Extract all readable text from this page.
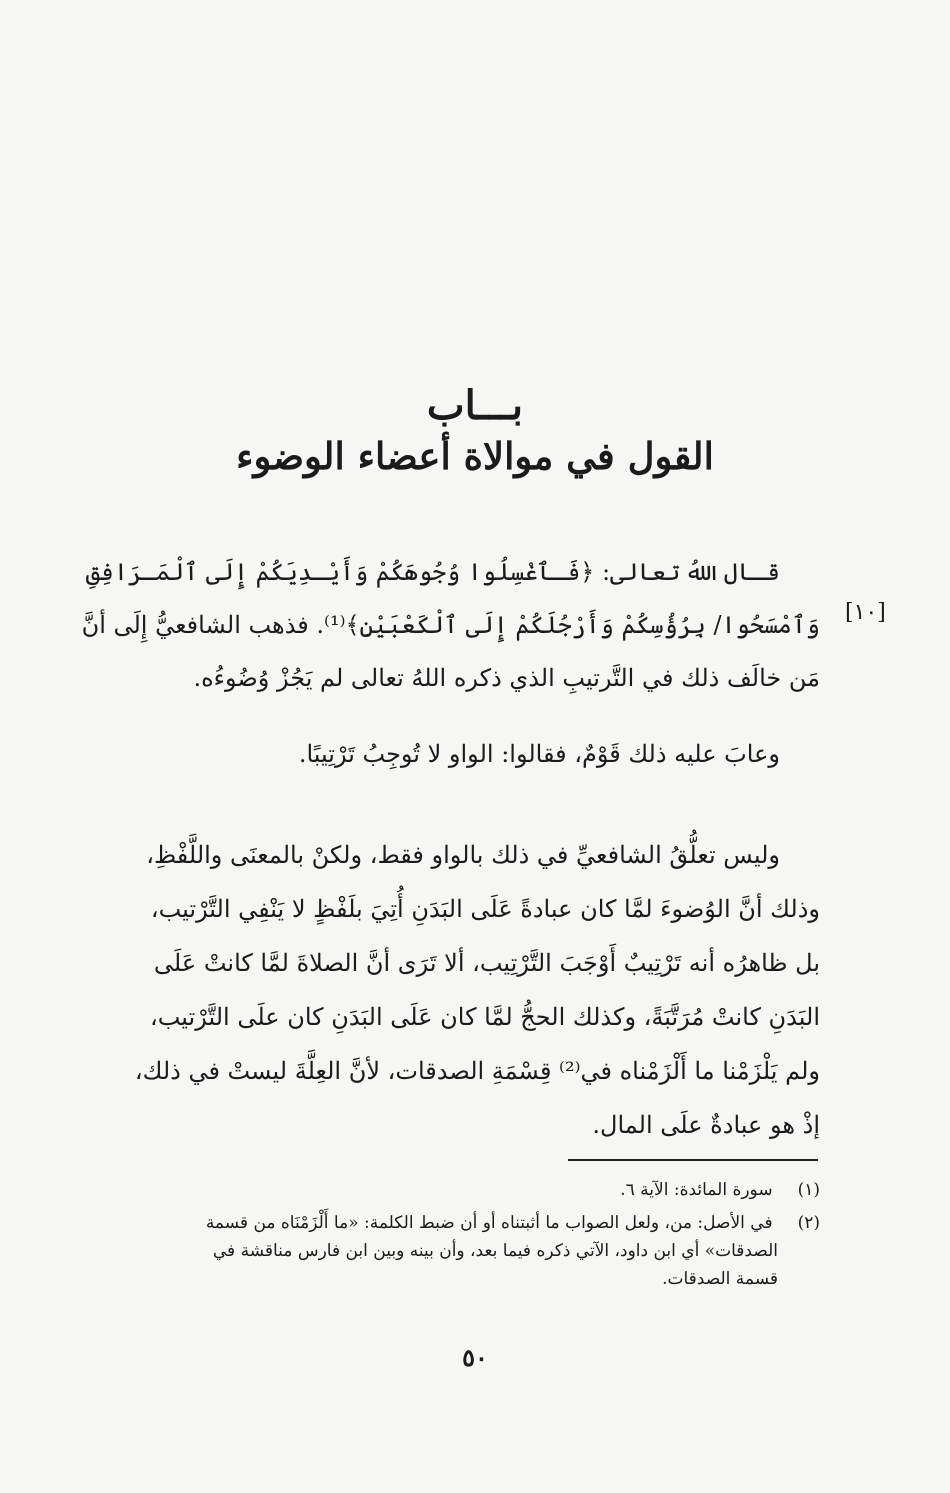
بـــاب
القول في موالاة أعضاء الوضوء
[١٠]
قـال اللهُ تعالى: ﴿فَـٱغْسِلُوا وُجُوهَكُمْ وَأَيْـدِيَكُمْ إِلَى ٱلْمَـرَافِقِ
وَٱمْسَحُوا/ بِرُؤُسِكُمْ وَأَرْجُلَكُمْ إِلَى ٱلْكَعْبَيْنِ﴾⁽¹⁾. فذهب الشافعيُّ إِلَى أنَّ
مَن خالَف ذلك في التَّرتيبِ الذي ذكره اللهُ تعالى لم يَجُزْ وُضُوءُه.
وعابَ عليه ذلك قَوْمٌ، فقالوا: الواو لا تُوجِبُ تَرْتِيبًا.
وليس تعلُّقُ الشافعيِّ في ذلك بالواو فقط، ولكنْ بالمعنَى واللَّفْظِ،
وذلك أنَّ الوُضوءَ لمَّا كان عبادةً عَلَى البَدَنِ أُتِيَ بلَفْظٍ لا يَنْفِي التَّرْتيب،
بل ظاهرُه أنه تَرْتِيبٌ أَوْجَبَ التَّرْتِيب، ألا تَرَى أنَّ الصلاةَ لمَّا كانتْ عَلَى
البَدَنِ كانتْ مُرَتَّبَةً، وكذلك الحجُّ لمَّا كان عَلَى البَدَنِ كان علَى التَّرْتيب،
ولم يَلْزَمْنا ما أَلْزَمْناه في⁽²⁾ قِسْمَةِ الصدقات، لأنَّ العِلَّةَ ليستْ في ذلك،
إذْ هو عبادةٌ علَى المال.
(١) سورة المائدة: الآية ٦.
(٢) في الأصل: من، ولعل الصواب ما أثبتناه أو أن ضبط الكلمة: «ما أَلْزَمْنَاه من قسمة
الصدقات» أي ابن داود، الآتي ذكره فيما بعد، وأن بينه وبين ابن فارس مناقشة في
قسمة الصدقات.
٥٠
